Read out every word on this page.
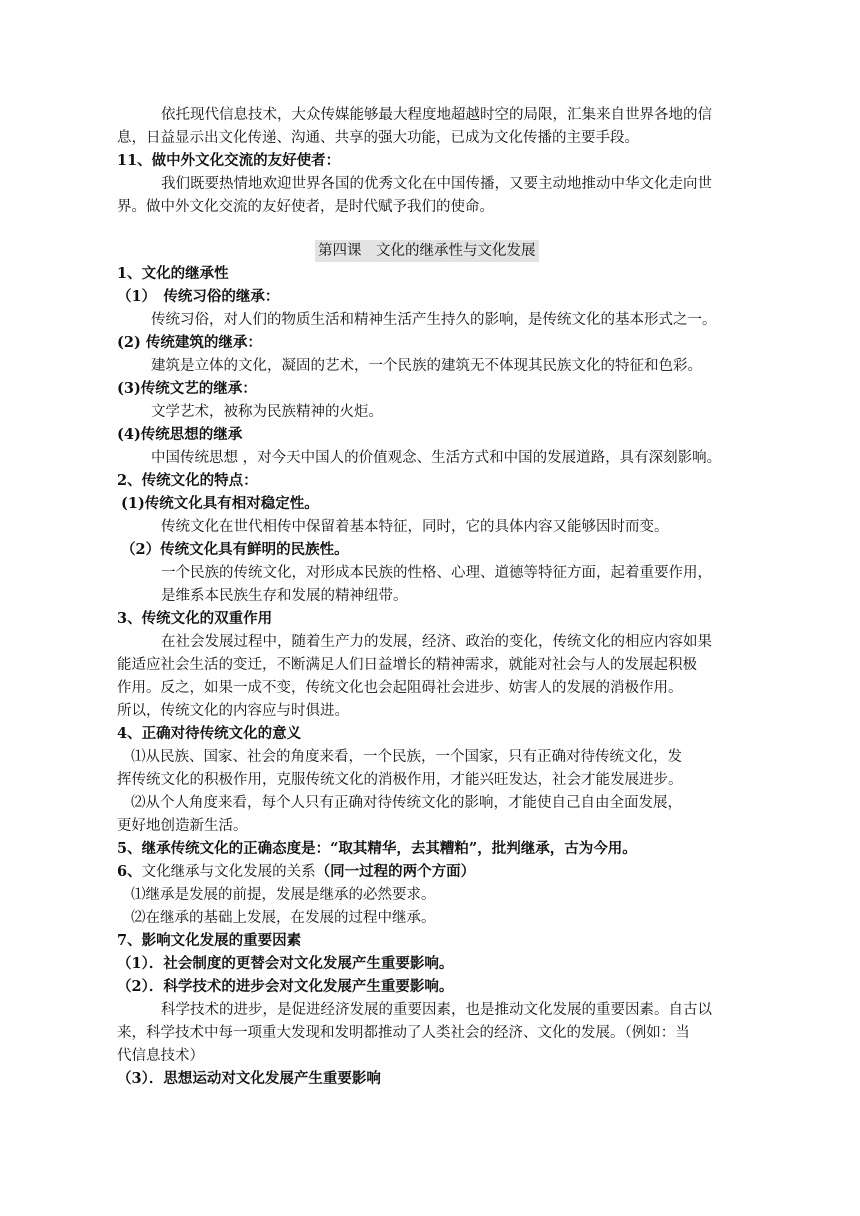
依托现代信息技术，大众传媒能够最大程度地超越时空的局限，汇集来自世界各地的信
息，日益显示出文化传递、沟通、共享的强大功能，已成为文化传播的主要手段。
11、做中外文化交流的友好使者：
我们既要热情地欢迎世界各国的优秀文化在中国传播，又要主动地推动中华文化走向世
界。做中外文化交流的友好使者，是时代赋予我们的使命。
第四课　文化的继承性与文化发展
1、文化的继承性
（1）　传统习俗的继承：
传统习俗，对人们的物质生活和精神生活产生持久的影响，是传统文化的基本形式之一。
(2) 传统建筑的继承：
建筑是立体的文化，凝固的艺术，一个民族的建筑无不体现其民族文化的特征和色彩。
(3)传统文艺的继承：
文学艺术，被称为民族精神的火炬。
(4)传统思想的继承
中国传统思想 ，对今天中国人的价值观念、生活方式和中国的发展道路，具有深刻影响。
2、传统文化的特点：
(1)传统文化具有相对稳定性。
传统文化在世代相传中保留着基本特征，同时，它的具体内容又能够因时而变。
（2）传统文化具有鲜明的民族性。
一个民族的传统文化，对形成本民族的性格、心理、道德等特征方面，起着重要作用，
是维系本民族生存和发展的精神纽带。
3、传统文化的双重作用
在社会发展过程中，随着生产力的发展，经济、政治的变化，传统文化的相应内容如果
能适应社会生活的变迁，不断满足人们日益增长的精神需求，就能对社会与人的发展起积极
作用。反之，如果一成不变，传统文化也会起阻碍社会进步、妨害人的发展的消极作用。
所以，传统文化的内容应与时俱进。
4、正确对待传统文化的意义
⑴从民族、国家、社会的角度来看，一个民族，一个国家，只有正确对待传统文化，发
挥传统文化的积极作用，克服传统文化的消极作用，才能兴旺发达，社会才能发展进步。
⑵从个人角度来看，每个人只有正确对待传统文化的影响，才能使自己自由全面发展，
更好地创造新生活。
5、继承传统文化的正确态度是：“取其精华，去其糟粕”，批判继承，古为今用。
6、文化继承与文化发展的关系（同一过程的两个方面）
⑴继承是发展的前提，发展是继承的必然要求。
⑵在继承的基础上发展，在发展的过程中继承。
7、影响文化发展的重要因素
（1）．社会制度的更替会对文化发展产生重要影响。
（2）．科学技术的进步会对文化发展产生重要影响。
科学技术的进步，是促进经济发展的重要因素，也是推动文化发展的重要因素。自古以
来，科学技术中每一项重大发现和发明都推动了人类社会的经济、文化的发展。（例如：当
代信息技术）
（3）．思想运动对文化发展产生重要影响
